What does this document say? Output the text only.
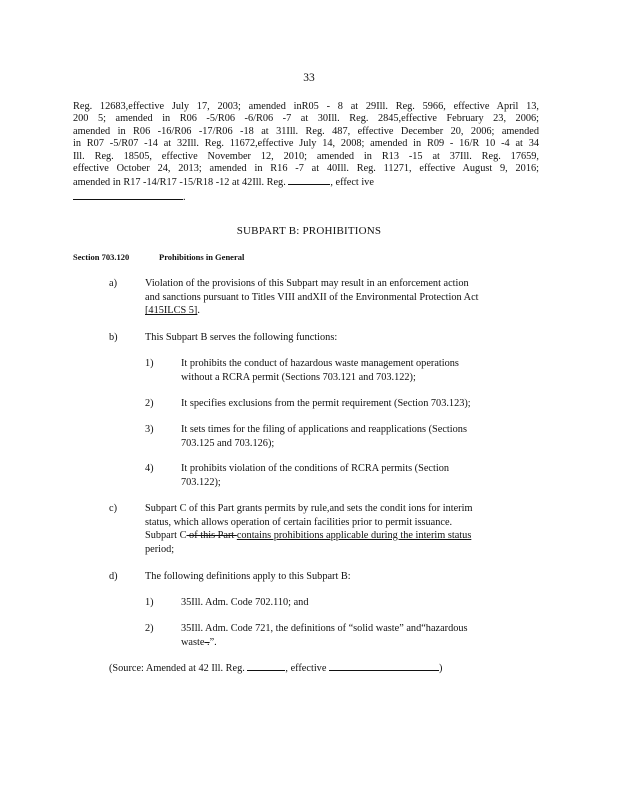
33
Reg. 12683,effective July 17, 2003; amended inR05 - 8 at 29Ill. Reg. 5966, effective April 13,
200 5; amended in R06 -5/R06 -6/R06 -7 at 30Ill. Reg. 2845,effective February 23, 2006;
amended in R06 -16/R06 -17/R06 -18 at 31Ill. Reg. 487, effective December 20, 2006; amended
in R07 -5/R07 -14 at 32Ill. Reg. 11672,effective July 14, 2008; amended in R09 - 16/R 10 -4 at 34
Ill. Reg. 18505, effective November 12, 2010; amended in R13 -15 at 37Ill. Reg. 17659,
effective October 24, 2013; amended in R16 -7 at 40Ill. Reg. 11271, effective August 9, 2016;
amended in R17 -14/R17 -15/R18 -12 at 42Ill. Reg.	, effect ive
.
SUBPART B: PROHIBITIONS
Section 703.120	Prohibitions in General
a)	Violation of the provisions of this Subpart may result in an enforcement action
and sanctions pursuant to Titles VIII andXII of the Environmental Protection Act
[415ILCS 5].
b)	This Subpart B serves the following functions:
1)	It prohibits the conduct of hazardous waste management operations
without a RCRA permit (Sections 703.121 and 703.122);
2)	It specifies exclusions from the permit requirement (Section 703.123);
3)	It sets times for the filing of applications and reapplications (Sections
703.125 and 703.126);
4)	It prohibits violation of the conditions of RCRA permits (Section
703.122);
c)	Subpart C of this Part grants permits by rule,and sets the condit ions for interim
status, which allows operation of certain facilities prior to permit issuance.
Subpart C of this Part contains prohibitions applicable during the interim status
period;
d)	The following definitions apply to this Subpart B:
1)	35Ill. Adm. Code 702.110; and
2)	35Ill. Adm. Code 721, the definitions of “solid waste” and“hazardous
waste .”.
(Source: Amended at 42 Ill. Reg.	, effective	)
